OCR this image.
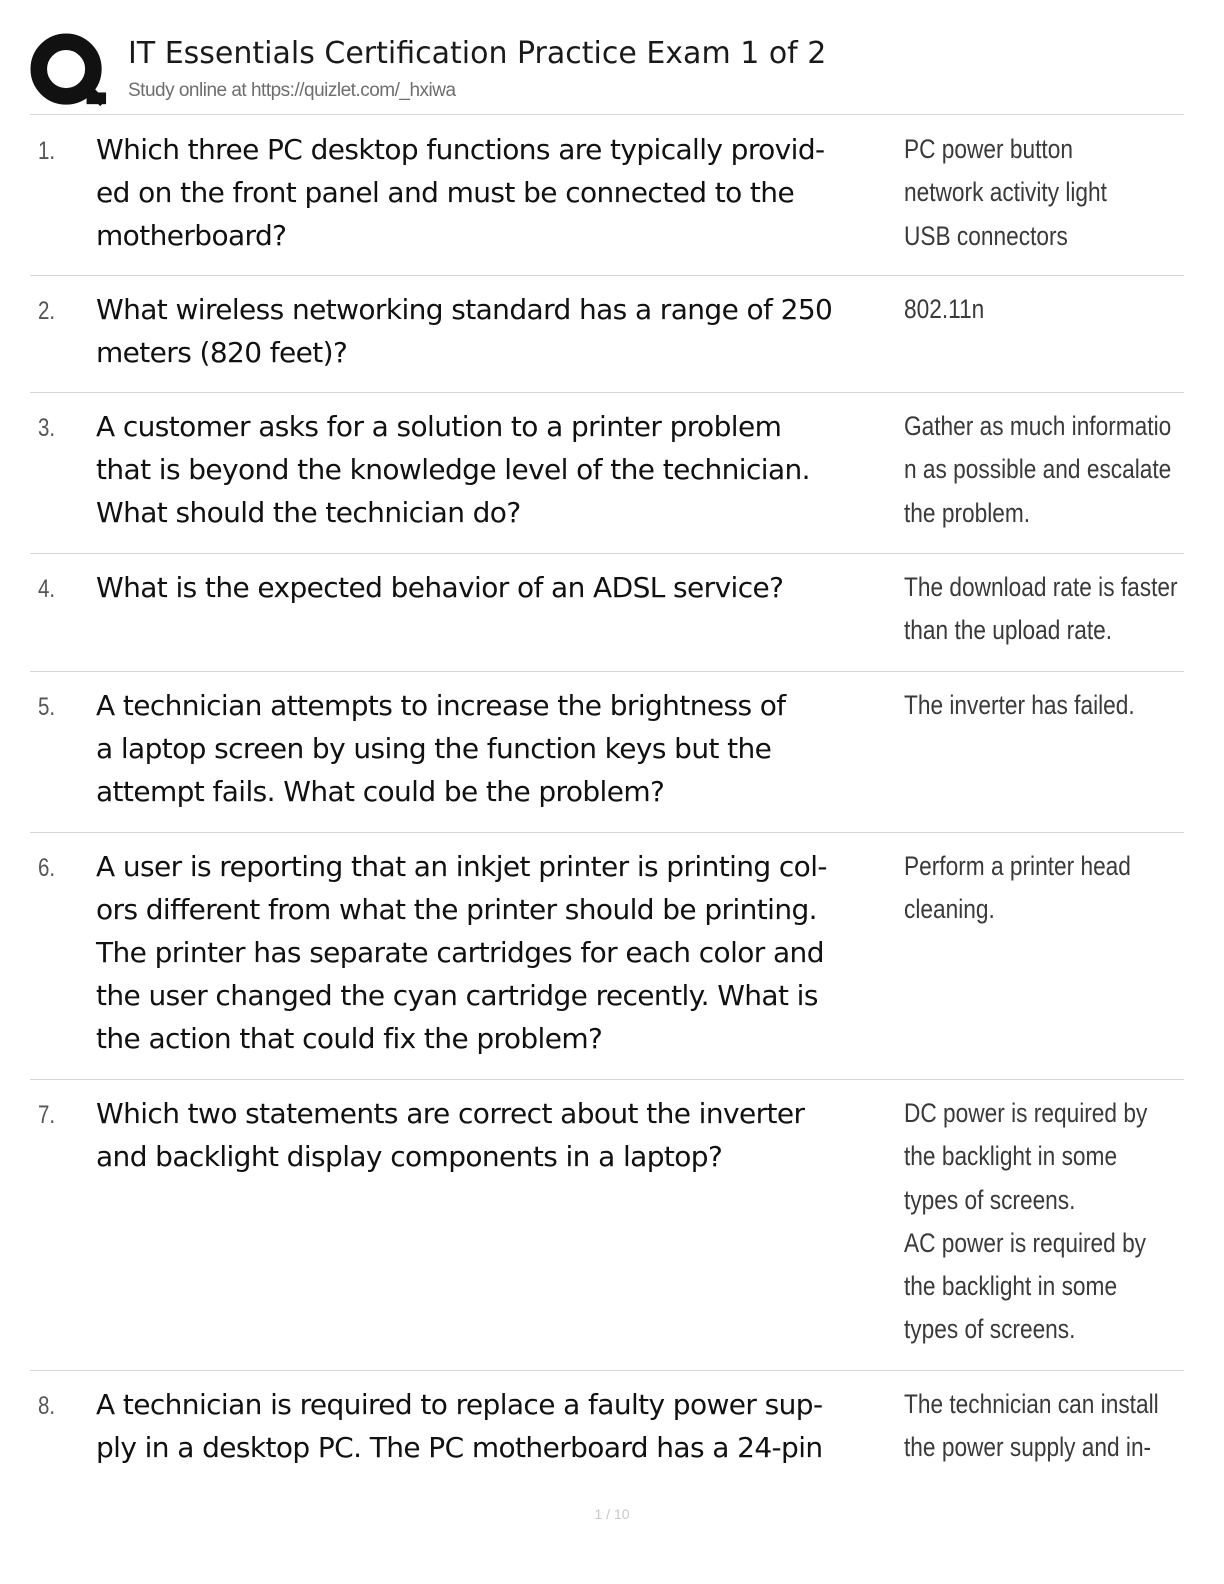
IT Essentials Certification Practice Exam 1 of 2
Study online at https://quizlet.com/_hxiwa
1. Which three PC desktop functions are typically provid-
ed on the front panel and must be connected to the
motherboard?
PC power button
network activity light
USB connectors
2. What wireless networking standard has a range of 250
meters (820 feet)?
802.11n
3. A customer asks for a solution to a printer problem
that is beyond the knowledge level of the technician.
What should the technician do?
Gather as much informatio
n as possible and escalate
the problem.
4. What is the expected behavior of an ADSL service?	The download rate is faster
than the upload rate.
5. A technician attempts to increase the brightness of
a laptop screen by using the function keys but the
attempt fails. What could be the problem?
The inverter has failed.
6. A user is reporting that an inkjet printer is printing col-
ors different from what the printer should be printing.
The printer has separate cartridges for each color and
the user changed the cyan cartridge recently. What is
the action that could fix the problem?
Perform a printer head
cleaning.
7. Which two statements are correct about the inverter
and backlight display components in a laptop?
DC power is required by
the backlight in some
types of screens.
AC power is required by
the backlight in some
types of screens.
8. A technician is required to replace a faulty power sup-
ply in a desktop PC. The PC motherboard has a 24-pin
The technician can install
the power supply and in-
1 / 10
